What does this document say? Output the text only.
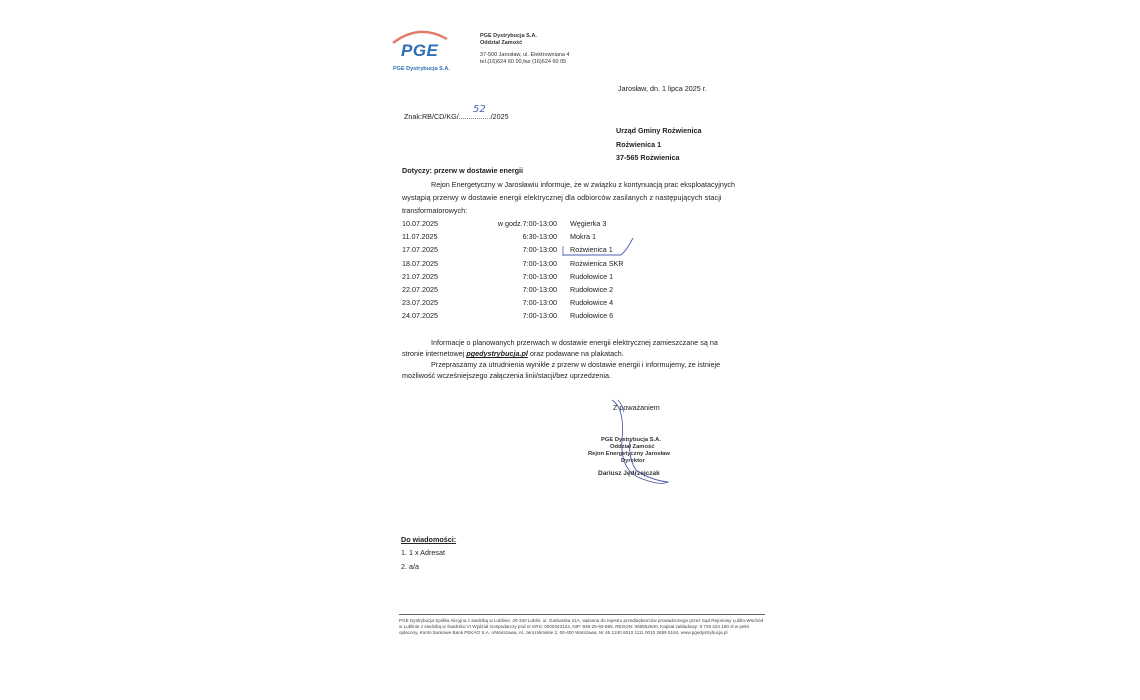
PGE
PGE Dystrybucja S.A.
PGE Dystrybucja S.A.
Oddział Zamość
37-500 Jarosław, ul. Elektrowniana 4
tel.(16)624 60 00,fax (16)624 60 05
Jarosław, dn. 1 lipca 2025 r.
Znak:RB/CD/KG/................/2025
52
Urząd Gminy Rożwienica
Rożwienica 1
37-565 Rożwienica
Dotyczy: przerw w dostawie energii
Rejon Energetyczny w Jarosławiu informuje, że w związku z kontynuacją prac eksploatacyjnych
wystąpią przerwy w dostawie energii elektrycznej dla odbiorców zasilanych z następujących stacji
transformatorowych:
10.07.2025	w godz.7:00-13:00 Węgierka 3
11.07.2025	6:30-13:00 Mokra 1
17.07.2025	7:00-13:00 Rożwienica 1
18.07.2025	7:00-13:00 Rożwienica SKR
21.07.2025	7:00-13:00 Rudołowice 1
22.07.2025	7:00-13:00 Rudołowice 2
23.07.2025	7:00-13:00 Rudołowice 4
24.07.2025	7:00-13:00 Rudołowice 6
Informacje o planowanych przerwach w dostawie energii elektrycznej zamieszczane są na
stronie internetowej pgedystrybucja.pl oraz podawane na plakatach.
Przepraszamy za utrudnienia wynikłe z przerw w dostawie energii i informujemy, że istnieje
możliwość wcześniejszego załączenia linii/stacji/bez uprzedzenia.
Z poważaniem
PGE Dystrybucja S.A.
Oddział Zamość
Rejon Energetyczny Jarosław
Dyrektor
Dariusz Jędrzejczak
Do wiadomości:
1. 1 x Adresat
2. a/a
PGE Dystrybucja Spółka Akcyjna z siedzibą w Lublinie, 20-340 Lublin, ul. Garbarska 21A, wpisana do rejestru przedsiębiorców prowadzonego przez Sąd Rejonowy Lublin-Wschód w Lublinie z siedzibą w Świdniku VI Wydział Gospodarczy pod nr KRS: 0000343124, NIP: 946-25-93-855, REGON: 060552840, Kapitał zakładowy: 9 729 424 160 zł w pełni opłacony, Konto bankowe Bank PEKAO S.A. o/Warszawa, Al. Jerozolimskie 2, 00-400 Warszawa, Nr 45 1240 6010 1111 0010 2659 5164, www.pgedystrybucja.pl
